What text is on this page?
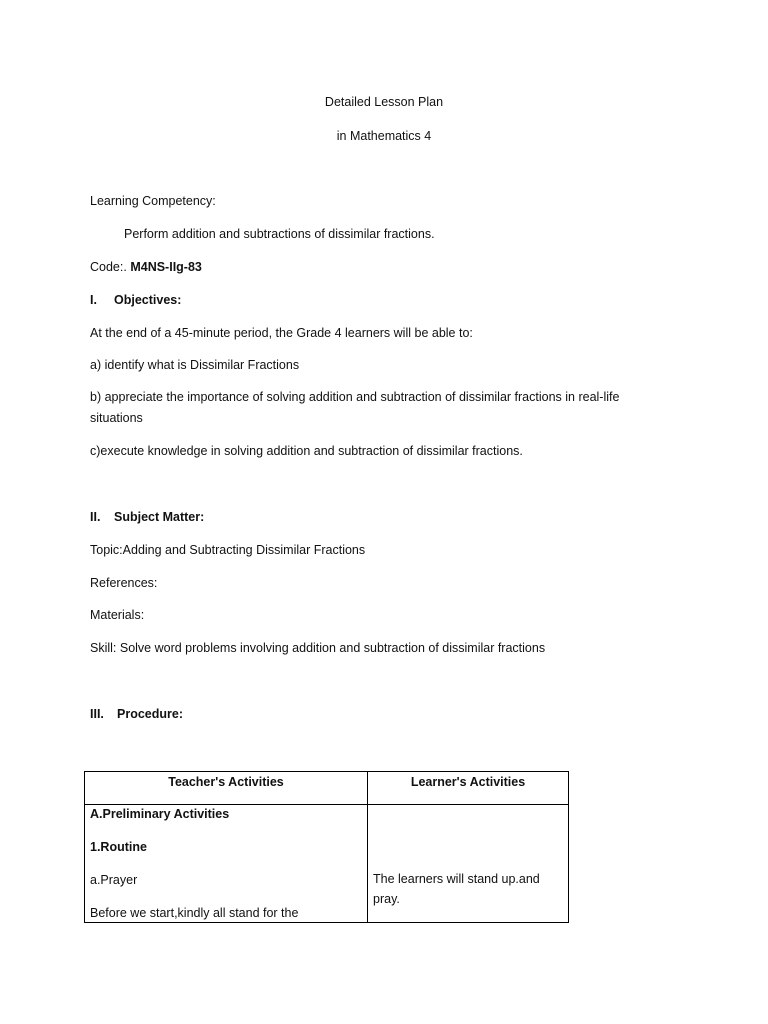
Detailed Lesson Plan
in Mathematics 4
Learning Competency:
Perform addition and subtractions of dissimilar fractions.
Code:. M4NS-IIg-83
I. Objectives:
At the end of a 45-minute period, the Grade 4 learners will be able to:
a) identify what is Dissimilar Fractions
b) appreciate the importance of solving addition and subtraction of dissimilar fractions in real-life situations
c)execute knowledge in solving addition and subtraction of dissimilar fractions.
II. Subject Matter:
Topic:Adding and Subtracting Dissimilar Fractions
References:
Materials:
Skill: Solve word problems involving addition and subtraction of dissimilar fractions
III. Procedure:
Teacher's Activities	Learner's Activities

A.Preliminary Activities
1.Routine
a.Prayer
Before we start,kindly all stand for the	The learners will stand up.and pray.
